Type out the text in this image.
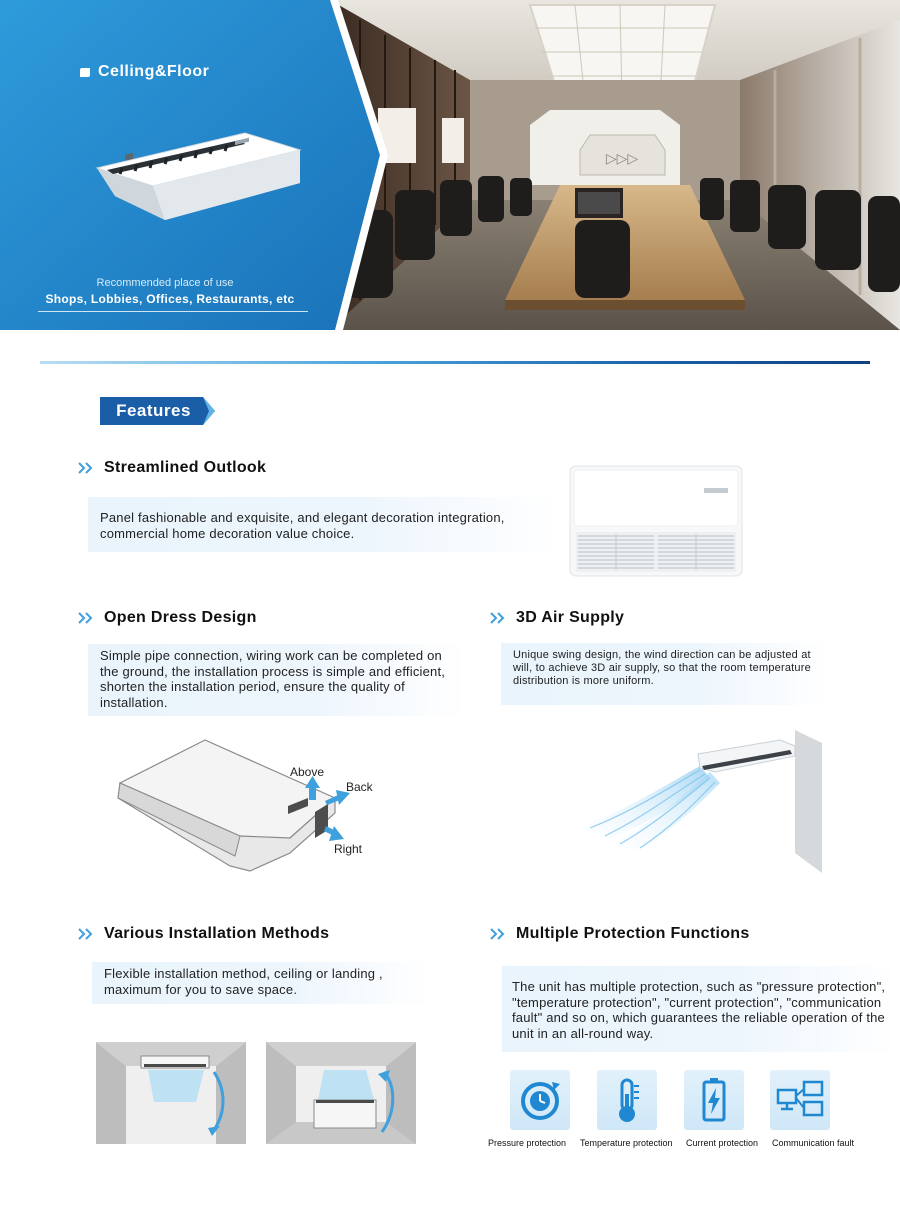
▷▷▷
Celling&Floor
Recommended place of use
Shops, Lobbies, Offices, Restaurants, etc
Features
Streamlined Outlook
Panel fashionable and exquisite, and elegant decoration integration, commercial home decoration value choice.
Open Dress Design
Simple pipe connection, wiring work can be completed on the ground, the installation process is simple and efficient, shorten the installation period, ensure the quality of installation.
Above
Back
Right
3D Air Supply
Unique swing design, the wind direction can be adjusted at will, to achieve 3D air supply, so that the room temperature distribution is more uniform.
Various Installation Methods
Flexible installation method, ceiling or landing , maximum for you to save space.
Multiple Protection Functions
The unit has multiple protection, such as "pressure protection", "temperature protection", "current protection", "communication fault" and so on, which guarantees the reliable operation of the unit in an all-round way.
Pressure protection Temperature protection Current protection Communication fault
